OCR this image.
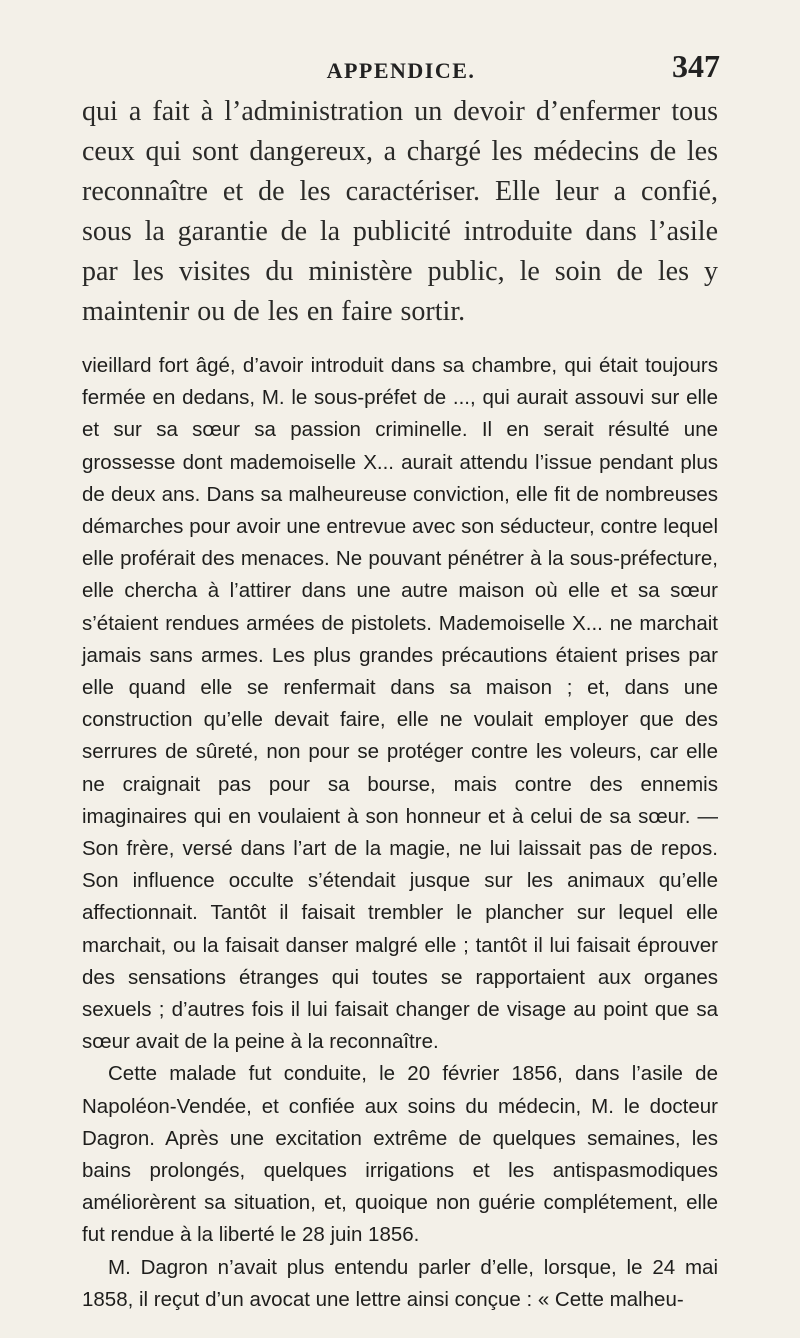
APPENDICE.	347

qui a fait à l’administration un devoir d’enfermer tous ceux qui sont dangereux, a chargé les médecins de les reconnaître et de les caractériser. Elle leur a confié, sous la garantie de la publicité introduite dans l’asile par les visites du ministère public, le soin de les y maintenir ou de les en faire sortir.

vieillard fort âgé, d’avoir introduit dans sa chambre, qui était toujours fermée en dedans, M. le sous-préfet de ..., qui aurait assouvi sur elle et sur sa sœur sa passion criminelle. Il en serait résulté une grossesse dont mademoiselle X... aurait attendu l’issue pendant plus de deux ans. Dans sa malheureuse conviction, elle fit de nombreuses démarches pour avoir une entrevue avec son séducteur, contre lequel elle proférait des menaces. Ne pouvant pénétrer à la sous-préfecture, elle chercha à l’attirer dans une autre maison où elle et sa sœur s’étaient rendues armées de pistolets. Mademoiselle X... ne marchait jamais sans armes. Les plus grandes précautions étaient prises par elle quand elle se renfermait dans sa maison ; et, dans une construction qu’elle devait faire, elle ne voulait employer que des serrures de sûreté, non pour se protéger contre les voleurs, car elle ne craignait pas pour sa bourse, mais contre des ennemis imaginaires qui en voulaient à son honneur et à celui de sa sœur. — Son frère, versé dans l’art de la magie, ne lui laissait pas de repos. Son influence occulte s’étendait jusque sur les animaux qu’elle affectionnait. Tantôt il faisait trembler le plancher sur lequel elle marchait, ou la faisait danser malgré elle ; tantôt il lui faisait éprouver des sensations étranges qui toutes se rapportaient aux organes sexuels ; d’autres fois il lui faisait changer de visage au point que sa sœur avait de la peine à la reconnaître.

Cette malade fut conduite, le 20 février 1856, dans l’asile de Napoléon-Vendée, et confiée aux soins du médecin, M. le docteur Dagron. Après une excitation extrême de quelques semaines, les bains prolongés, quelques irrigations et les antispasmodiques améliorèrent sa situation, et, quoique non guérie complétement, elle fut rendue à la liberté le 28 juin 1856.

M. Dagron n’avait plus entendu parler d’elle, lorsque, le 24 mai 1858, il reçut d’un avocat une lettre ainsi conçue : « Cette malheu-
